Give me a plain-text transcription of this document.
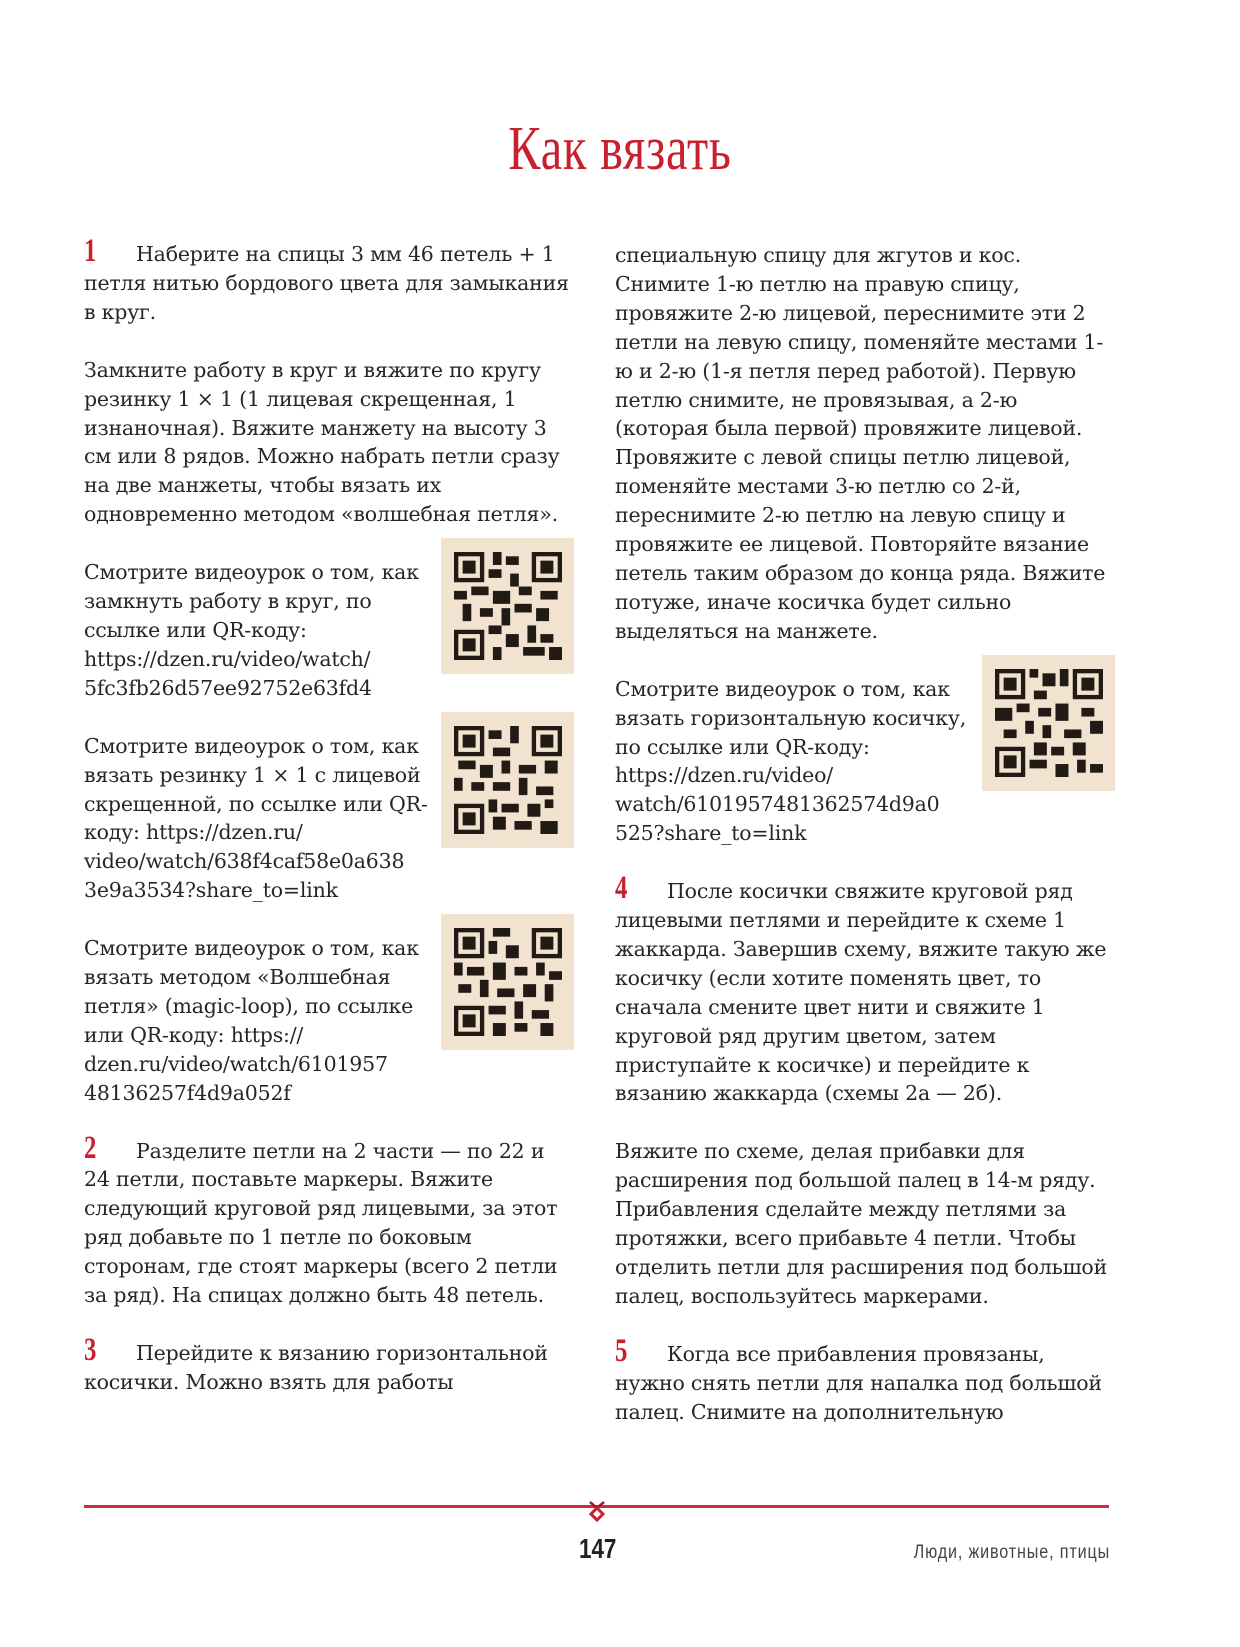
Как вязать

1 Наберите на спицы 3 мм 46 петель + 1 петля нитью бордового цвета для замыкания в круг.

Замкните работу в круг и вяжите по кругу резинку 1 × 1 (1 лицевая скрещенная, 1 изнаночная). Вяжите манжету на высоту 3 см или 8 рядов. Можно набрать петли сразу на две манжеты, чтобы вязать их одновременно методом «волшебная петля».

Смотрите видеоурок о том, как замкнуть работу в круг, по ссылке или QR-коду: https://dzen.ru/video/watch/ 5fc3fb26d57ee92752e63fd4
Смотрите видеоурок о том, как вязать резинку 1 × 1 с лицевой скрещенной, по ссылке или QR-коду: https://dzen.ru/ video/watch/638f4caf58e0a638 3e9a3534?share_to=link
Смотрите видеоурок о том, как вязать методом «Волшебная петля» (magic-loop), по ссылке или QR-коду: https:// dzen.ru/video/watch/6101957 48136257f4d9a052f

2 Разделите петли на 2 части — по 22 и 24 петли, поставьте маркеры. Вяжите следующий круговой ряд лицевыми, за этот ряд добавьте по 1 петле по боковым сторонам, где стоят маркеры (всего 2 петли за ряд). На спицах должно быть 48 петель.

3 Перейдите к вязанию горизонтальной косички. Можно взять для работы

специальную спицу для жгутов и кос. Снимите 1-ю петлю на правую спицу, провяжите 2-ю лицевой, переснимите эти 2 петли на левую спицу, поменяйте местами 1-ю и 2-ю (1-я петля перед работой). Первую петлю снимите, не провязывая, а 2-ю (которая была первой) провяжите лицевой. Провяжите с левой спицы петлю лицевой, поменяйте местами 3-ю петлю со 2-й, переснимите 2-ю петлю на левую спицу и провяжите ее лицевой. Повторяйте вязание петель таким образом до конца ряда. Вяжите потуже, иначе косичка будет сильно выделяться на манжете.

Смотрите видеоурок о том, как вязать горизонтальную косичку, по ссылке или QR-коду: https://dzen.ru/video/ watch/6101957481362574d9a0 525?share_to=link

4 После косички свяжите круговой ряд лицевыми петлями и перейдите к схеме 1 жаккарда. Завершив схему, вяжите такую же косичку (если хотите поменять цвет, то сначала смените цвет нити и свяжите 1 круговой ряд другим цветом, затем приступайте к косичке) и перейдите к вязанию жаккарда (схемы 2а — 2б).

Вяжите по схеме, делая прибавки для расширения под большой палец в 14-м ряду. Прибавления сделайте между петлями за протяжки, всего прибавьте 4 петли. Чтобы отделить петли для расширения под большой палец, воспользуйтесь маркерами.

5 Когда все прибавления провязаны, нужно снять петли для напалка под большой палец. Снимите на дополнительную

147	Люди, животные, птицы
